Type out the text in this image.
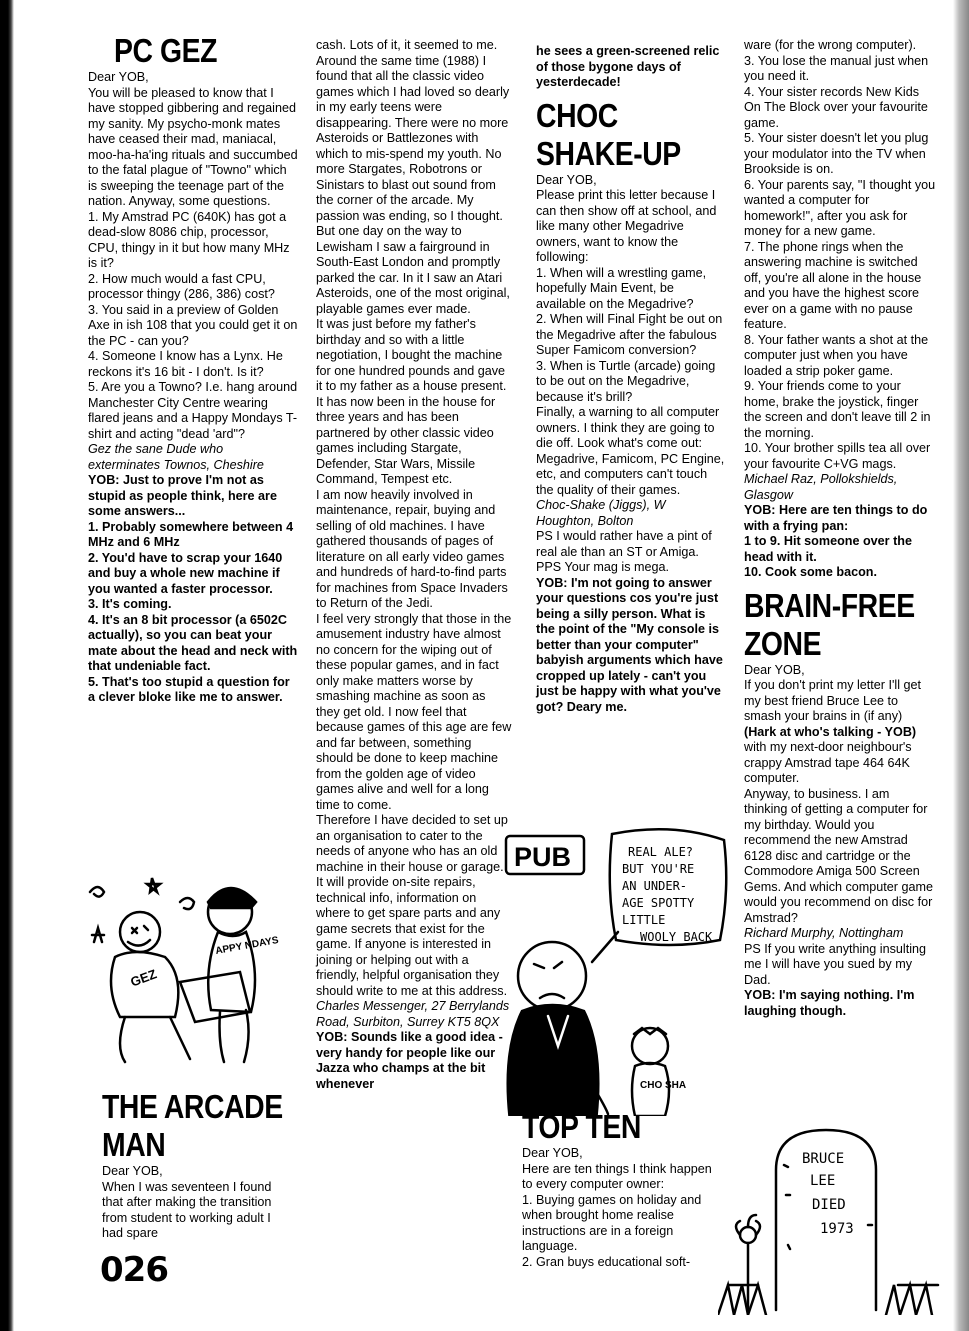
PC GEZ

Dear YOB,

You will be pleased to know that I have stopped gibbering and regained my sanity. My psycho-monk mates have ceased their mad, maniacal, moo-ha-ha'ing rituals and succumbed to the fatal plague of "Towno" which is sweeping the teenage part of the nation. Anyway, some questions.

1. My Amstrad PC (640K) has got a dead-slow 8086 chip, processor, CPU, thingy in it but how many MHz is it?

2. How much would a fast CPU, processor thingy (286, 386) cost?

3. You said in a preview of Golden Axe in ish 108 that you could get it on the PC - can you?

4. Someone I know has a Lynx. He reckons it's 16 bit - I don't. Is it?

5. Are you a Towno? I.e. hang around Manchester City Centre wearing flared jeans and a Happy Mondays T-shirt and acting "dead 'ard"?

Gez the sane Dude who exterminates Townos, Cheshire

YOB: Just to prove I'm not as stupid as people think, here are some answers...

1. Probably somewhere between 4 MHz and 6 MHz

2. You'd have to scrap your 1640 and buy a whole new machine if you wanted a faster processor.

3. It's coming.

4. It's an 8 bit processor (a 6502C actually), so you can beat your mate about the head and neck with that undeniable fact.

5. That's too stupid a question for a clever bloke like me to answer.

GEZ
APPY NDAYS
THE ARCADE MAN

Dear YOB,

When I was seventeen I found that after making the transition from student to working adult I had spare

026

cash. Lots of it, it seemed to me. Around the same time (1988) I found that all the classic video games which I had loved so dearly in my early teens were disappearing. There were no more Asteroids or Battlezones with which to mis-spend my youth. No more Stargates, Robotrons or Sinistars to blast out sound from the corner of the arcade. My passion was ending, so I thought.

But one day on the way to Lewisham I saw a fairground in South-East London and promptly parked the car. In it I saw an Atari Asteroids, one of the most original, playable games ever made.

It was just before my father's birthday and so with a little negotiation, I bought the machine for one hundred pounds and gave it to my father as a house present.

It has now been in the house for three years and has been partnered by other classic video games including Stargate, Defender, Star Wars, Missile Command, Tempest etc.

I am now heavily involved in maintenance, repair, buying and selling of old machines. I have gathered thousands of pages of literature on all early video games and hundreds of hard-to-find parts for machines from Space Invaders to Return of the Jedi.

I feel very strongly that those in the amusement industry have almost no concern for the wiping out of these popular games, and in fact only make matters worse by smashing machine as soon as they get old. I now feel that because games of this age are few and far between, something should be done to keep machine from the golden age of video games alive and well for a long time to come.

Therefore I have decided to set up an organisation to cater to the needs of anyone who has an old machine in their house or garage. It will provide on-site repairs, technical info, information on where to get spare parts and any game secrets that exist for the game. If anyone is interested in joining or helping out with a friendly, helpful organisation they should write to me at this address.

Charles Messenger, 27 Berrylands Road, Surbiton, Surrey KT5 8QX

YOB: Sounds like a good idea - very handy for people like our Jazza who champs at the bit whenever

he sees a green-screened relic of those bygone days of yesterdecade!

CHOC SHAKE-UP

Dear YOB,

Please print this letter because I can then show off at school, and like many other Megadrive owners, want to know the following:

1. When will a wrestling game, hopefully Main Event, be available on the Megadrive?

2. When will Final Fight be out on the Megadrive after the fabulous Super Famicom conversion?

3. When is Turtle (arcade) going to be out on the Megadrive, because it's brill?

Finally, a warning to all computer owners. I think they are going to die off. Look what's come out: Megadrive, Famicom, PC Engine, etc, and computers can't touch the quality of their games.

Choc-Shake (Jiggs), W Houghton, Bolton

PS I would rather have a pint of real ale than an ST or Amiga.

PPS Your mag is mega.

YOB: I'm not going to answer your questions cos you're just being a silly person. What is the point of the "My console is better than your computer" babyish arguments which have cropped up lately - can't you just be happy with what you've got? Deary me.

PUB	REAL ALE?
BUT YOU'RE
AN UNDER-
AGE SPOTTY
LITTLE
WOOLY BACK
CHO SHA
TOP TEN

Dear YOB,

Here are ten things I think happen to every computer owner:

1. Buying games on holiday and when brought home realise instructions are in a foreign language.

2. Gran buys educational soft-

ware (for the wrong computer).

3. You lose the manual just when you need it.

4. Your sister records New Kids On The Block over your favourite game.

5. Your sister doesn't let you plug your modulator into the TV when Brookside is on.

6. Your parents say, "I thought you wanted a computer for homework!", after you ask for money for a new game.

7. The phone rings when the answering machine is switched off, you're all alone in the house and you have the highest score ever on a game with no pause feature.

8. Your father wants a shot at the computer just when you have loaded a strip poker game.

9. Your friends come to your home, brake the joystick, finger the screen and don't leave till 2 in the morning.

10. Your brother spills tea all over your favourite C+VG mags.

Michael Raz, Pollokshields, Glasgow

YOB: Here are ten things to do with a frying pan:

1 to 9. Hit someone over the head with it.

10. Cook some bacon.

BRAIN-FREE ZONE

Dear YOB,

If you don't print my letter I'll get my best friend Bruce Lee to smash your brains in (if any) (Hark at who's talking - YOB) with my next-door neighbour's crappy Amstrad tape 464 64K computer.

Anyway, to business. I am thinking of getting a computer for my birthday. Would you recommend the new Amstrad 6128 disc and cartridge or the Commodore Amiga 500 Screen Gems. And which computer game would you recommend on disc for Amstrad?

Richard Murphy, Nottingham

PS If you write anything insulting me I will have you sued by my Dad.

YOB: I'm saying nothing. I'm laughing though.

BRUCE
LEE
DIED
1973
